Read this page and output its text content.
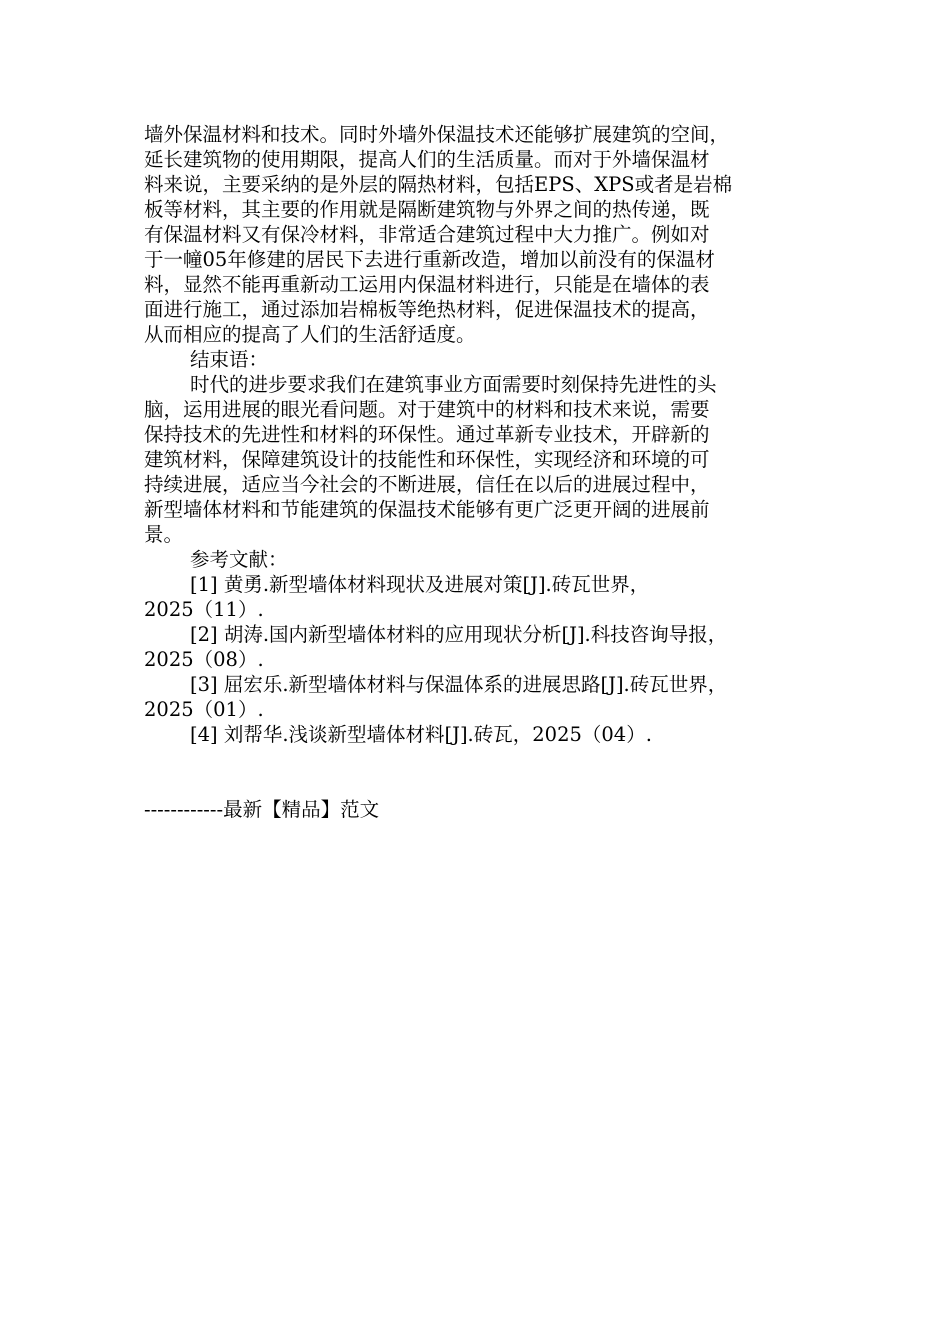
墙外保温材料和技术。同时外墙外保温技术还能够扩展建筑的空间，
延长建筑物的使用期限，提高人们的生活质量。而对于外墙保温材
料来说，主要采纳的是外层的隔热材料，包括EPS、XPS或者是岩棉
板等材料，其主要的作用就是隔断建筑物与外界之间的热传递，既
有保温材料又有保冷材料，非常适合建筑过程中大力推广。例如对
于一幢05年修建的居民下去进行重新改造，增加以前没有的保温材
料，显然不能再重新动工运用内保温材料进行，只能是在墙体的表
面进行施工，通过添加岩棉板等绝热材料，促进保温技术的提高，
从而相应的提高了人们的生活舒适度。
结束语：
时代的进步要求我们在建筑事业方面需要时刻保持先进性的头
脑，运用进展的眼光看问题。对于建筑中的材料和技术来说，需要
保持技术的先进性和材料的环保性。通过革新专业技术，开辟新的
建筑材料，保障建筑设计的技能性和环保性，实现经济和环境的可
持续进展，适应当今社会的不断进展，信任在以后的进展过程中，
新型墙体材料和节能建筑的保温技术能够有更广泛更开阔的进展前
景。
参考文献：
[1] 黄勇.新型墙体材料现状及进展对策[J].砖瓦世界，
2025（11）.
[2] 胡涛.国内新型墙体材料的应用现状分析[J].科技咨询导报，
2025（08）.
[3] 屈宏乐.新型墙体材料与保温体系的进展思路[J].砖瓦世界，
2025（01）.
[4] 刘帮华.浅谈新型墙体材料[J].砖瓦，2025（04）.
------------最新【精品】范文
